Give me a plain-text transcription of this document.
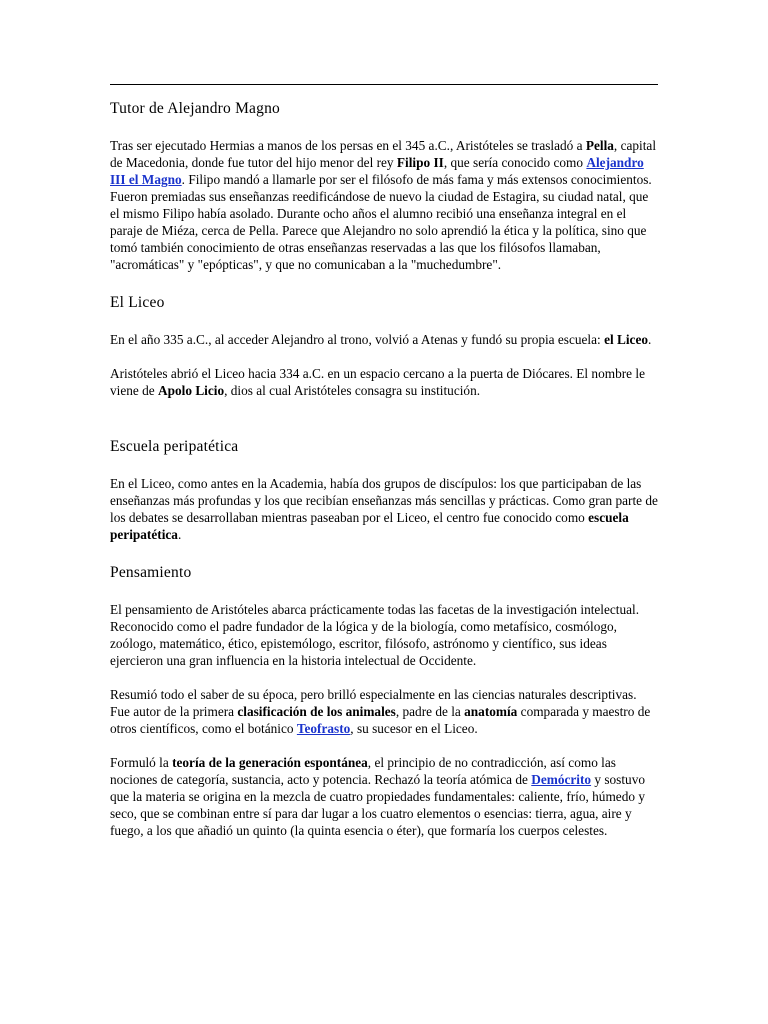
Tutor de Alejandro Magno

Tras ser ejecutado Hermias a manos de los persas en el 345 a.C., Aristóteles se trasladó a Pella, capital de Macedonia, donde fue tutor del hijo menor del rey Filipo II, que sería conocido como Alejandro III el Magno. Filipo mandó a llamarle por ser el filósofo de más fama y más extensos conocimientos. Fueron premiadas sus enseñanzas reedificándose de nuevo la ciudad de Estagira, su ciudad natal, que el mismo Filipo había asolado. Durante ocho años el alumno recibió una enseñanza integral en el paraje de Miéza, cerca de Pella. Parece que Alejandro no solo aprendió la ética y la política, sino que tomó también conocimiento de otras enseñanzas reservadas a las que los filósofos llamaban, "acromáticas" y "epópticas", y que no comunicaban a la "muchedumbre".

El Liceo

En el año 335 a.C., al acceder Alejandro al trono, volvió a Atenas y fundó su propia escuela: el Liceo.

Aristóteles abrió el Liceo hacia 334 a.C. en un espacio cercano a la puerta de Diócares. El nombre le viene de Apolo Licio, dios al cual Aristóteles consagra su institución.

Escuela peripatética

En el Liceo, como antes en la Academia, había dos grupos de discípulos: los que participaban de las enseñanzas más profundas y los que recibían enseñanzas más sencillas y prácticas. Como gran parte de los debates se desarrollaban mientras paseaban por el Liceo, el centro fue conocido como escuela peripatética.

Pensamiento

El pensamiento de Aristóteles abarca prácticamente todas las facetas de la investigación intelectual. Reconocido como el padre fundador de la lógica y de la biología, como metafísico, cosmólogo, zoólogo, matemático, ético, epistemólogo, escritor, filósofo, astrónomo y científico, sus ideas ejercieron una gran influencia en la historia intelectual de Occidente.

Resumió todo el saber de su época, pero brilló especialmente en las ciencias naturales descriptivas. Fue autor de la primera clasificación de los animales, padre de la anatomía comparada y maestro de otros científicos, como el botánico Teofrasto, su sucesor en el Liceo.

Formuló la teoría de la generación espontánea, el principio de no contradicción, así como las nociones de categoría, sustancia, acto y potencia. Rechazó la teoría atómica de Demócrito y sostuvo que la materia se origina en la mezcla de cuatro propiedades fundamentales: caliente, frío, húmedo y seco, que se combinan entre sí para dar lugar a los cuatro elementos o esencias: tierra, agua, aire y fuego, a los que añadió un quinto (la quinta esencia o éter), que formaría los cuerpos celestes.
